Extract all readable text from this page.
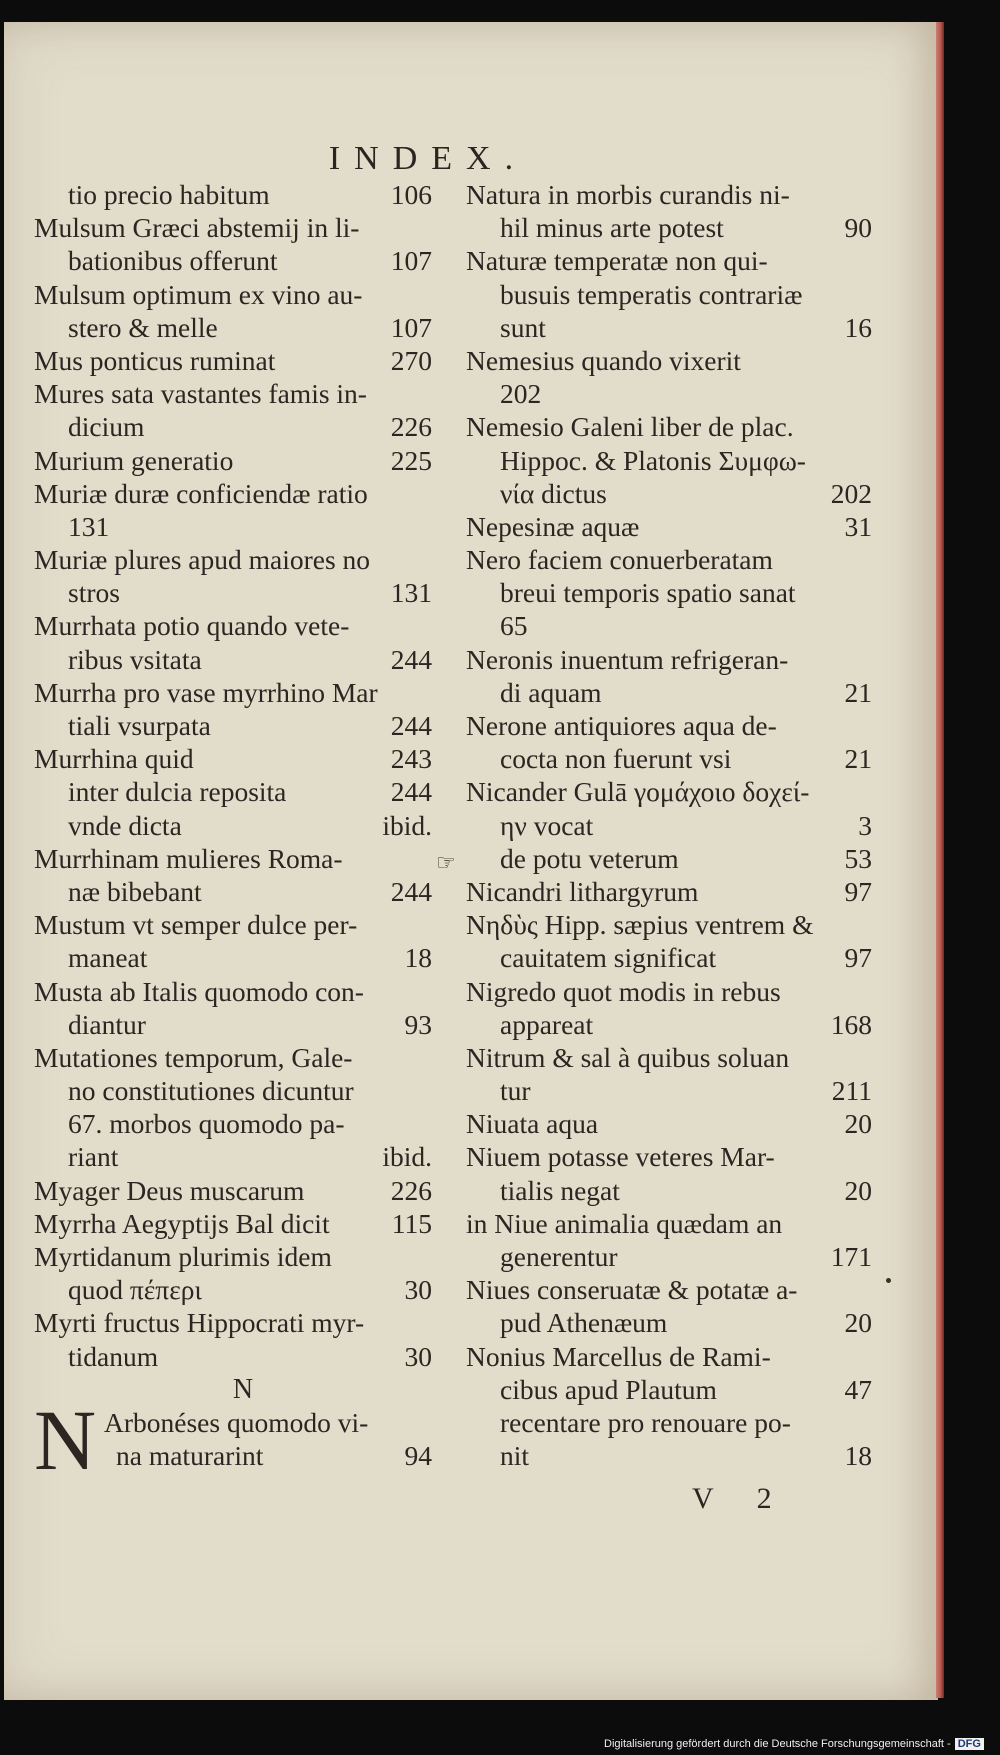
INDEX.
tio precio habitum	106
Mulsum Græci abstemij in li-
bationibus offerunt	107
Mulsum optimum ex vino au-
stero & melle	107
Mus ponticus ruminat	270
Mures sata vastantes famis in-
dicium	226
Murium generatio	225
Muriæ duræ conficiendæ ratio
131
Muriæ plures apud maiores no
stros	131
Murrhata potio quando vete-
ribus vsitata	244
Murrha pro vase myrrhino Mar
tiali vsurpata	244
Murrhina quid	243
inter dulcia reposita	244
vnde dicta	ibid.
Murrhinam mulieres Roma-
næ bibebant	244
Mustum vt semper dulce per-
maneat	18
Musta ab Italis quomodo con-
diantur	93
Mutationes temporum, Gale-
no constitutiones dicuntur
67. morbos quomodo pa-
riant	ibid.
Myager Deus muscarum	226
Myrrha Aegyptijs Bal dicit 115
Myrtidanum plurimis idem
quod πέπερι	30
Myrti fructus Hippocrati myr-
tidanum	30
N
N Arbonéses quomodo vi-
na maturarint	94
Natura in morbis curandis ni-
hil minus arte potest	90
Naturæ temperatæ non qui-
busuis temperatis contrariæ
sunt	16
Nemesius quando vixerit
202
Nemesio Galeni liber de plac.
Hippoc. & Platonis Συμφω-
νία dictus	202
Nepesinæ aquæ	31
Nero faciem conuerberatam
breui temporis spatio sanat
65
Neronis inuentum refrigeran-
di aquam	21
Nerone antiquiores aqua de-
cocta non fuerunt vsi	21
Nicander Gulā γομάχοιο δοχεί-
ην vocat	3
☞ de potu veterum	53
Nicandri lithargyrum	97
Νηδὺς Hipp. sæpius ventrem &
cauitatem significat	97
Nigredo quot modis in rebus
appareat	168
Nitrum & sal à quibus soluan
tur	211
Niuata aqua	20
Niuem potasse veteres Mar-
tialis negat	20
in Niue animalia quædam an
generentur	171
Niues conseruatæ & potatæ a-
pud Athenæum	20
Nonius Marcellus de Rami-
cibus apud Plautum	47
recentare pro renouare po-
nit	18
V 2
Digitalisierung gefördert durch die Deutsche Forschungsgemeinschaft - DFG
